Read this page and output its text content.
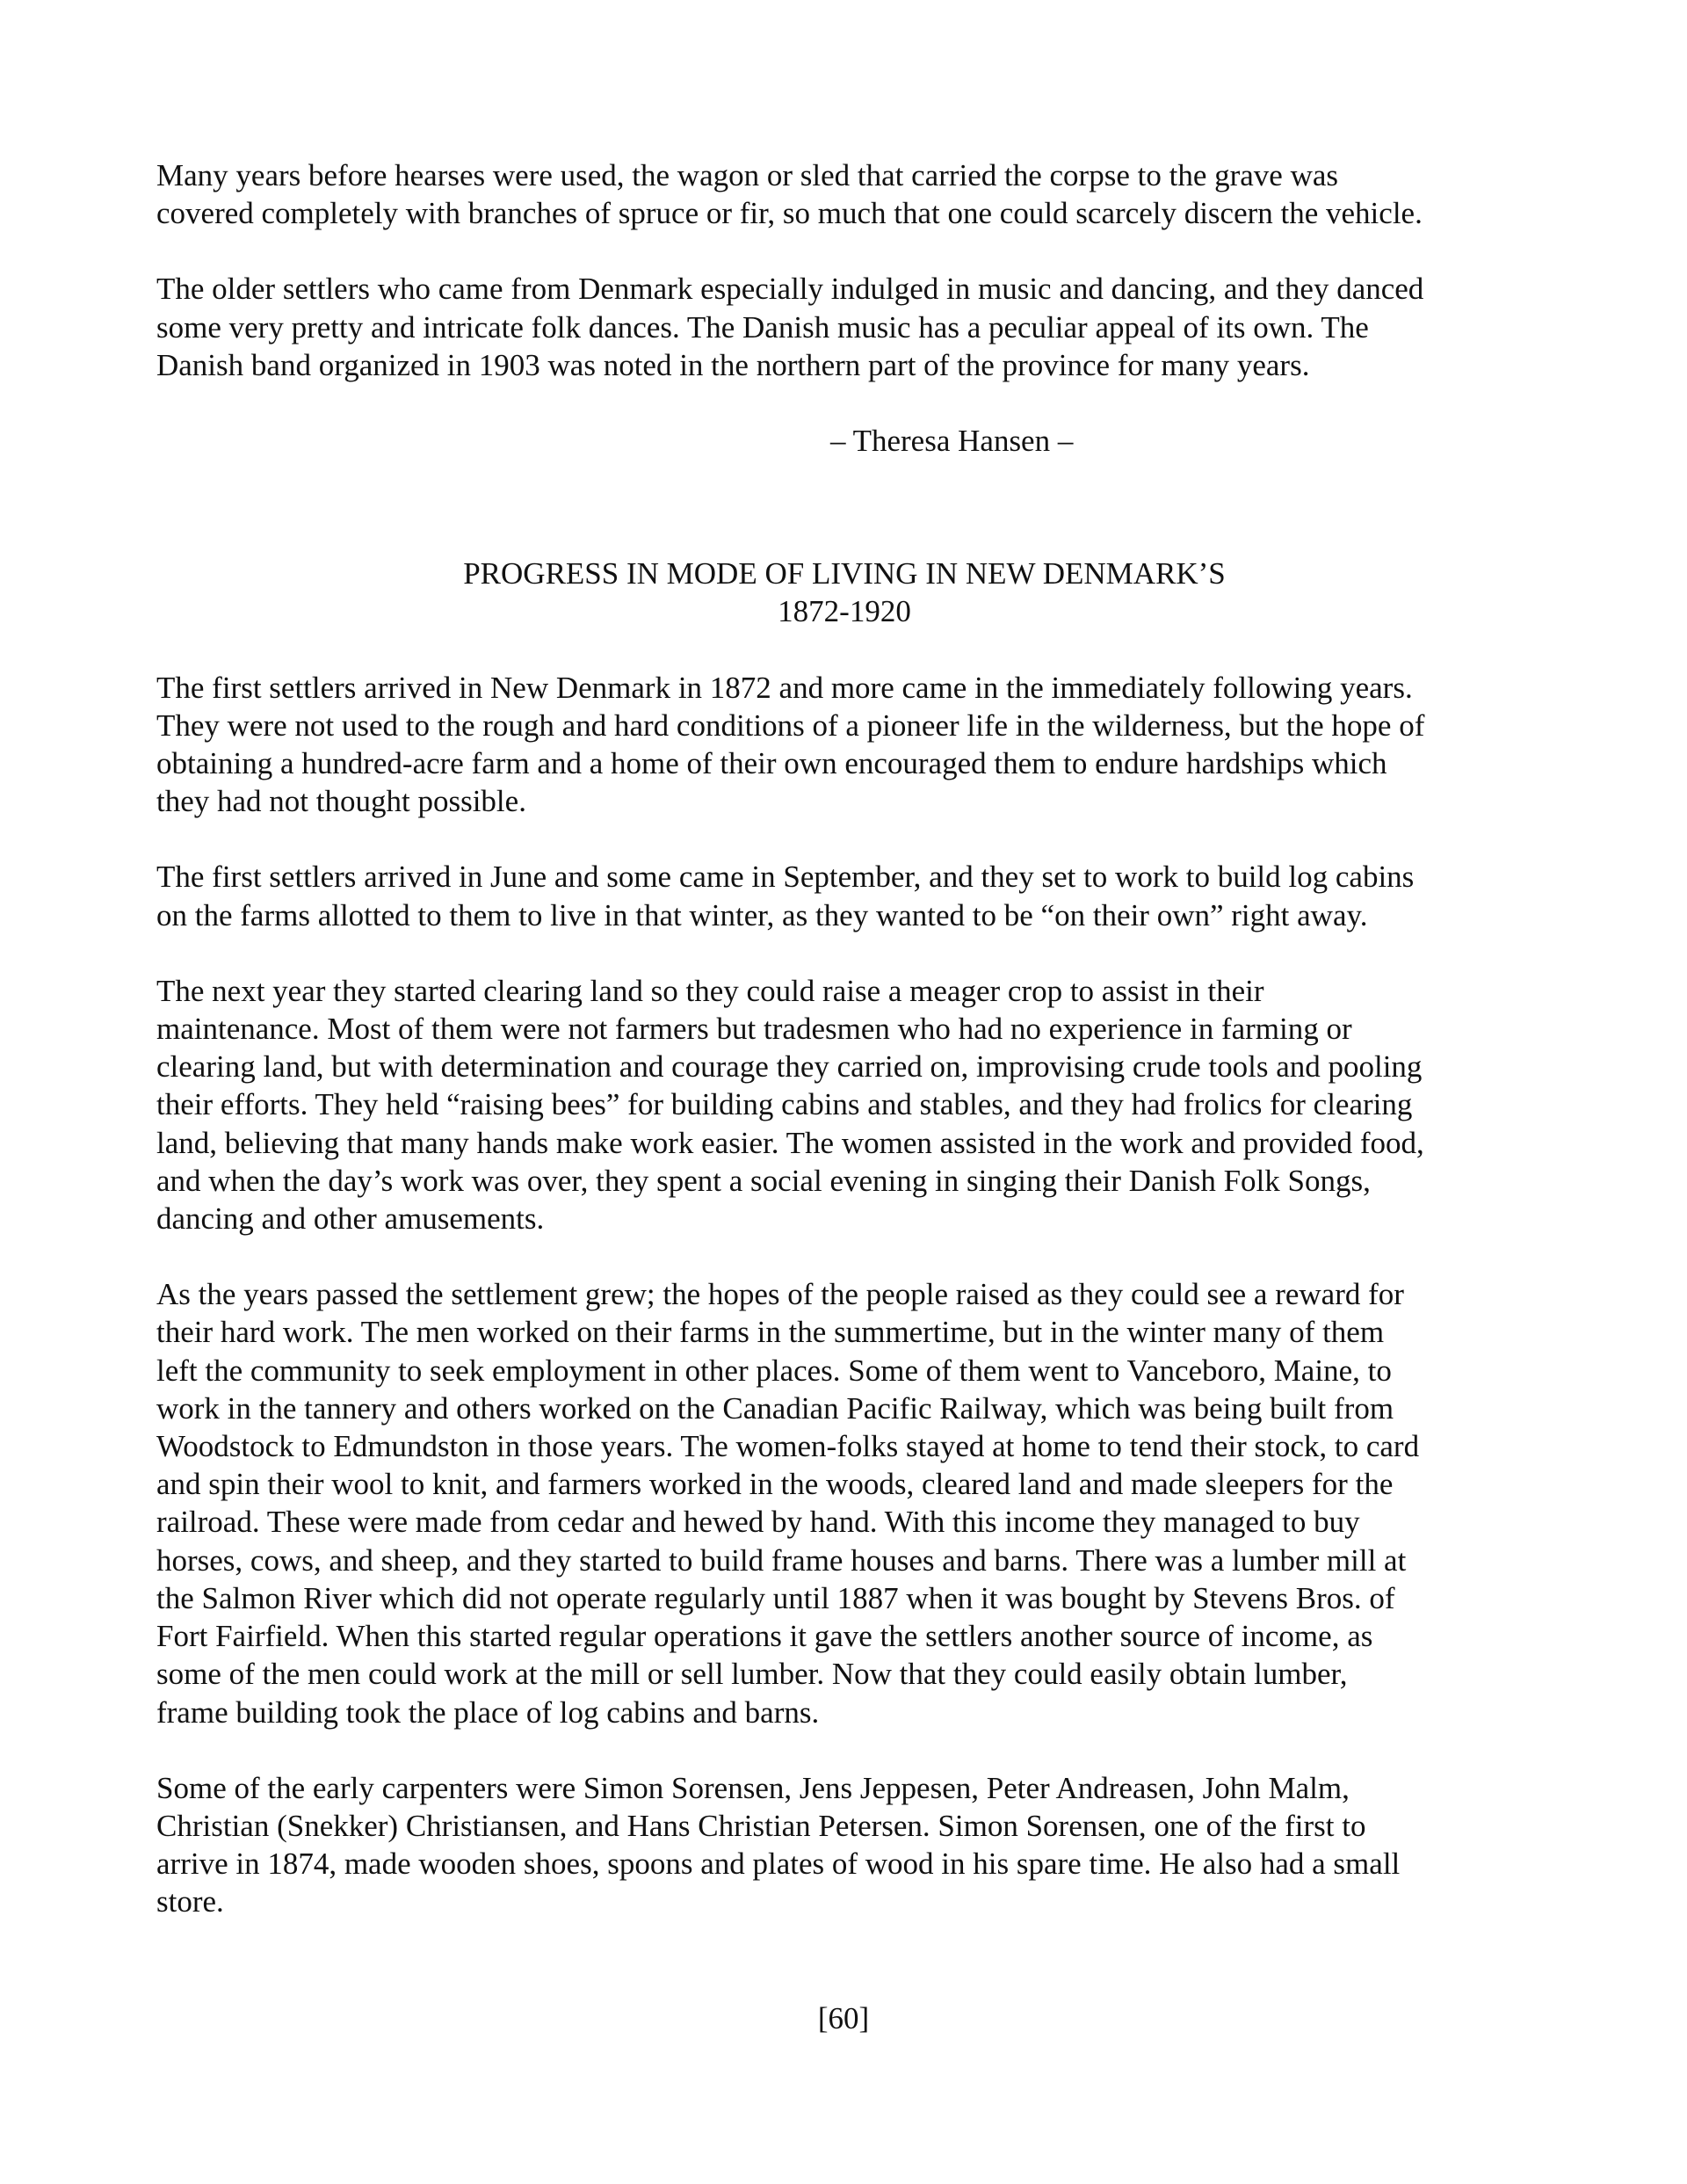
Many years before hearses were used, the wagon or sled that carried the corpse to the grave was
covered completely with branches of spruce or fir, so much that one could scarcely discern the vehicle.

The older settlers who came from Denmark especially indulged in music and dancing, and they danced
some very pretty and intricate folk dances. The Danish music has a peculiar appeal of its own. The
Danish band organized in 1903 was noted in the northern part of the province for many years.

– Theresa Hansen –

PROGRESS IN MODE OF LIVING IN NEW DENMARK’S
1872-1920

The first settlers arrived in New Denmark in 1872 and more came in the immediately following years.
They were not used to the rough and hard conditions of a pioneer life in the wilderness, but the hope of
obtaining a hundred-acre farm and a home of their own encouraged them to endure hardships which
they had not thought possible.

The first settlers arrived in June and some came in September, and they set to work to build log cabins
on the farms allotted to them to live in that winter, as they wanted to be “on their own” right away.

The next year they started clearing land so they could raise a meager crop to assist in their
maintenance. Most of them were not farmers but tradesmen who had no experience in farming or
clearing land, but with determination and courage they carried on, improvising crude tools and pooling
their efforts. They held “raising bees” for building cabins and stables, and they had frolics for clearing
land, believing that many hands make work easier. The women assisted in the work and provided food,
and when the day’s work was over, they spent a social evening in singing their Danish Folk Songs,
dancing and other amusements.

As the years passed the settlement grew; the hopes of the people raised as they could see a reward for
their hard work. The men worked on their farms in the summertime, but in the winter many of them
left the community to seek employment in other places. Some of them went to Vanceboro, Maine, to
work in the tannery and others worked on the Canadian Pacific Railway, which was being built from
Woodstock to Edmundston in those years. The women-folks stayed at home to tend their stock, to card
and spin their wool to knit, and farmers worked in the woods, cleared land and made sleepers for the
railroad. These were made from cedar and hewed by hand. With this income they managed to buy
horses, cows, and sheep, and they started to build frame houses and barns. There was a lumber mill at
the Salmon River which did not operate regularly until 1887 when it was bought by Stevens Bros. of
Fort Fairfield. When this started regular operations it gave the settlers another source of income, as
some of the men could work at the mill or sell lumber. Now that they could easily obtain lumber,
frame building took the place of log cabins and barns.

Some of the early carpenters were Simon Sorensen, Jens Jeppesen, Peter Andreasen, John Malm,
Christian (Snekker) Christiansen, and Hans Christian Petersen. Simon Sorensen, one of the first to
arrive in 1874, made wooden shoes, spoons and plates of wood in his spare time. He also had a small
store.

[60]
